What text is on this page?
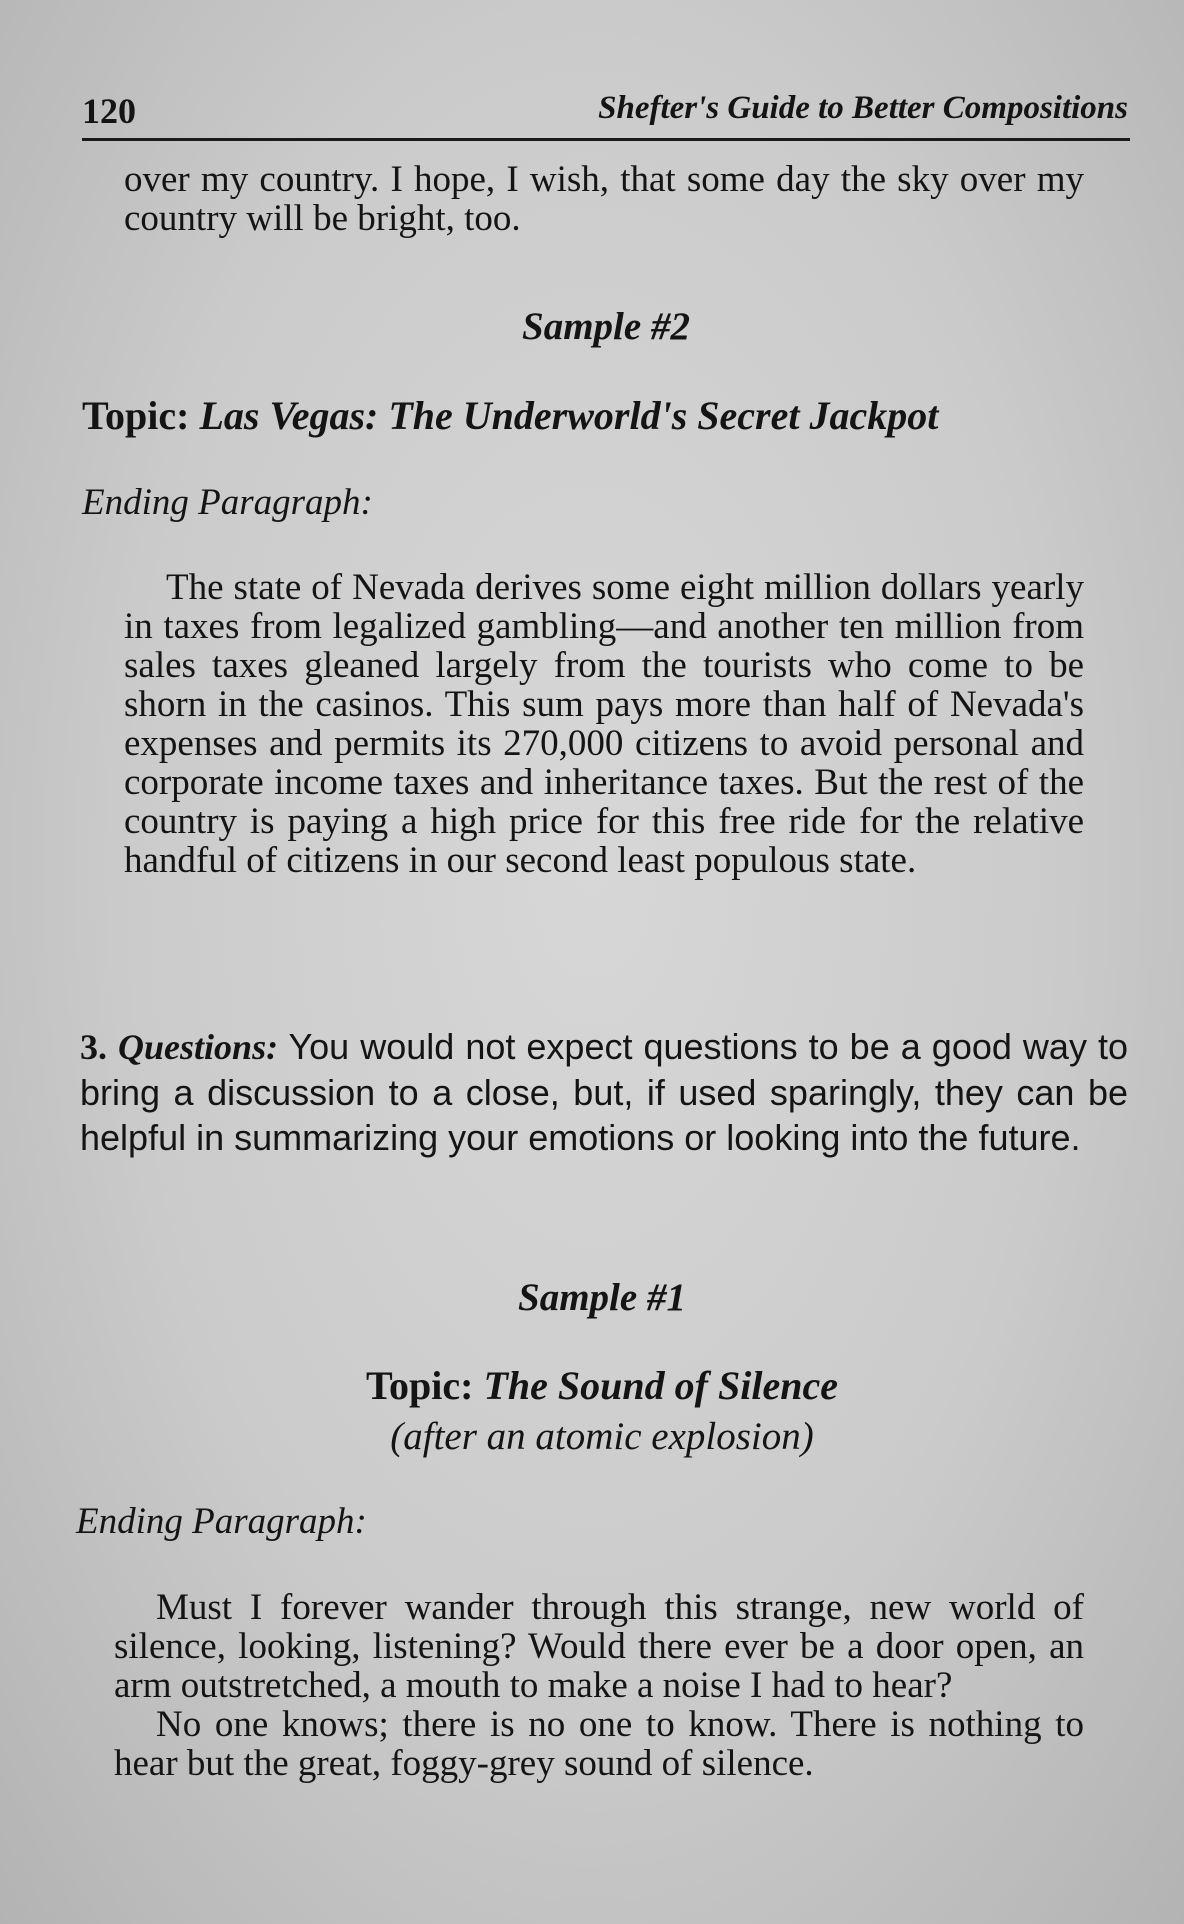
120	Shefter's Guide to Better Compositions

over my country. I hope, I wish, that some day the sky over my country will be bright, too.

Sample #2
Topic: Las Vegas: The Underworld's Secret Jackpot
Ending Paragraph:

The state of Nevada derives some eight million dollars yearly in taxes from legalized gambling—and another ten million from sales taxes gleaned largely from the tourists who come to be shorn in the casinos. This sum pays more than half of Nevada's expenses and permits its 270,000 citizens to avoid personal and corporate income taxes and inheritance taxes. But the rest of the country is paying a high price for this free ride for the relative handful of citizens in our second least populous state.

3. Questions: You would not expect questions to be a good way to bring a discussion to a close, but, if used sparingly, they can be helpful in summarizing your emotions or looking into the future.
Sample #1
Topic: The Sound of Silence
(after an atomic explosion)
Ending Paragraph:

Must I forever wander through this strange, new world of silence, looking, listening? Would there ever be a door open, an arm outstretched, a mouth to make a noise I had to hear?

No one knows; there is no one to know. There is nothing to hear but the great, foggy-grey sound of silence.
